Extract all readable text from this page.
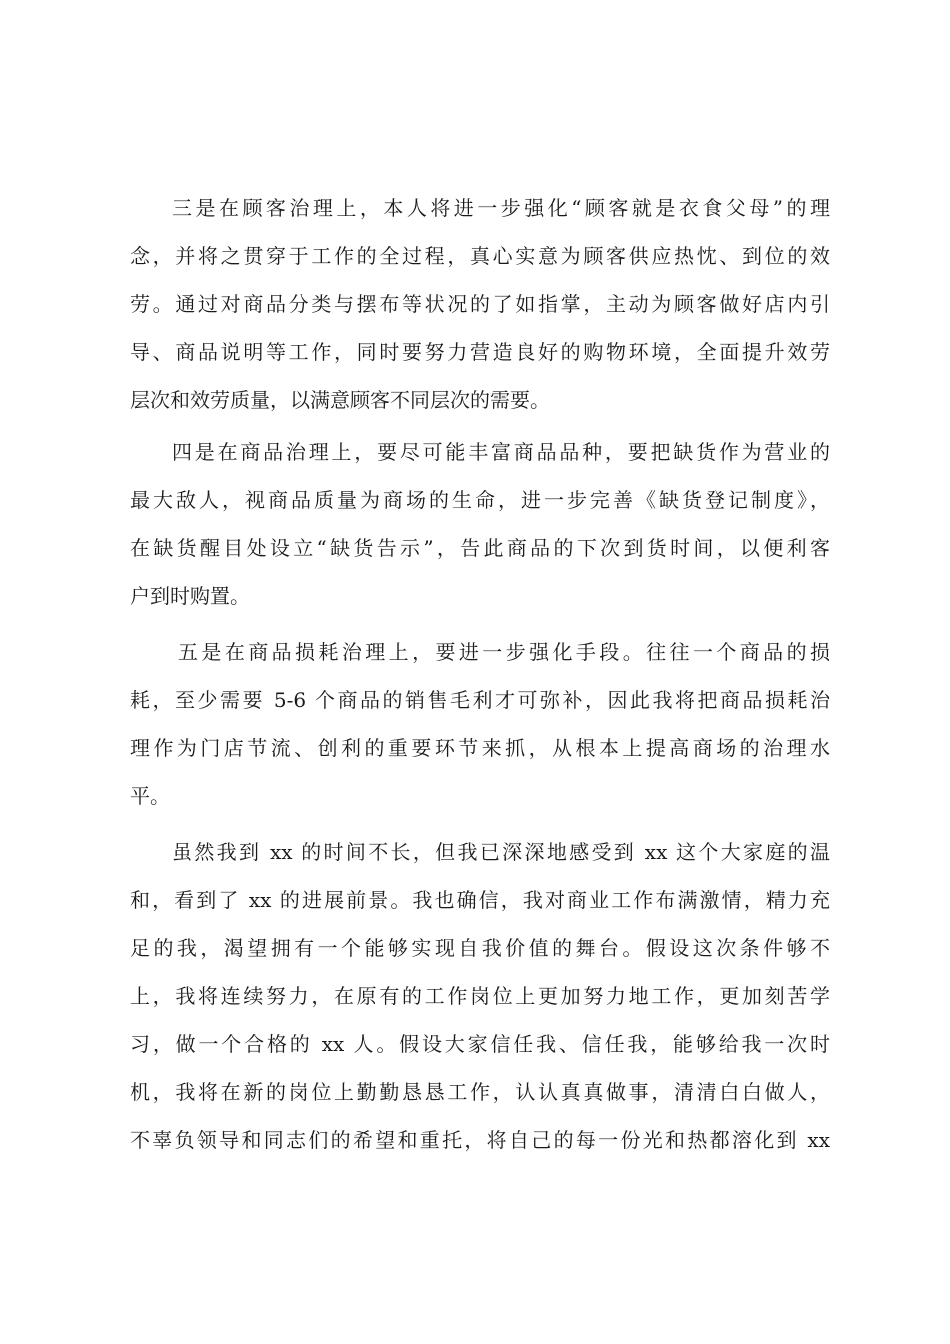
三是在顾客治理上，本人将进一步强化“顾客就是衣食父母”的理
念，并将之贯穿于工作的全过程，真心实意为顾客供应热忱、到位的效
劳。通过对商品分类与摆布等状况的了如指掌，主动为顾客做好店内引
导、商品说明等工作，同时要努力营造良好的购物环境，全面提升效劳
层次和效劳质量，以满意顾客不同层次的需要。
四是在商品治理上，要尽可能丰富商品品种，要把缺货作为营业的
最大敌人，视商品质量为商场的生命，进一步完善《缺货登记制度》，
在缺货醒目处设立“缺货告示”，告此商品的下次到货时间，以便利客
户到时购置。
五是在商品损耗治理上，要进一步强化手段。往往一个商品的损
耗，至少需要 5-6 个商品的销售毛利才可弥补，因此我将把商品损耗治
理作为门店节流、创利的重要环节来抓，从根本上提高商场的治理水
平。
虽然我到 xx 的时间不长，但我已深深地感受到 xx 这个大家庭的温
和，看到了 xx 的进展前景。我也确信，我对商业工作布满激情，精力充
足的我，渴望拥有一个能够实现自我价值的舞台。假设这次条件够不
上，我将连续努力，在原有的工作岗位上更加努力地工作，更加刻苦学
习，做一个合格的 xx 人。假设大家信任我、信任我，能够给我一次时
机，我将在新的岗位上勤勤恳恳工作，认认真真做事，清清白白做人，
不辜负领导和同志们的希望和重托，将自己的每一份光和热都溶化到 xx
